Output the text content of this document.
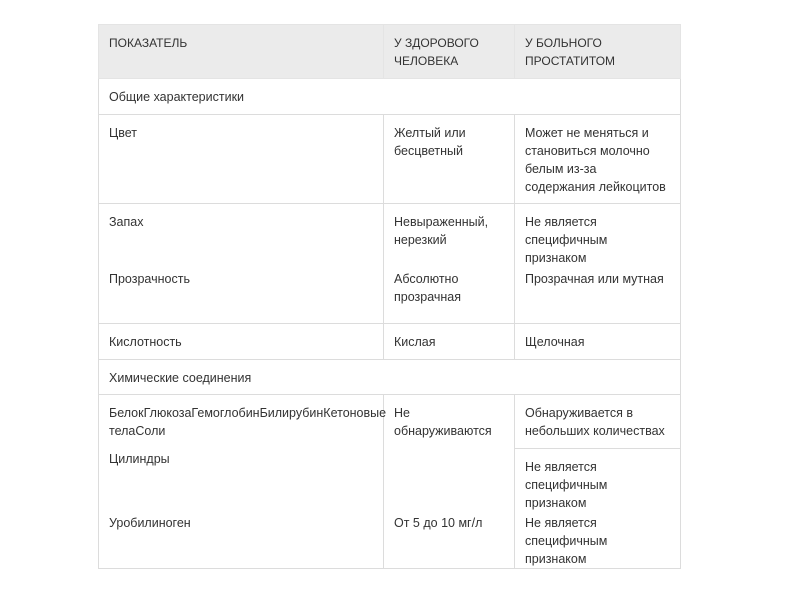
ПОКАЗАТЕЛЬ	У ЗДОРОВОГО ЧЕЛОВЕКА	У БОЛЬНОГО ПРОСТАТИТОМ
Общие характеристики		
Цвет	Желтый или бесцветный	Может не меняться и становиться молочно белым из-за содержания лейкоцитов
Запах	Невыраженный, нерезкий	Не является специфичным признаком
Прозрачность	Абсолютно прозрачная	Прозрачная или мутная
Кислотность	Кислая	Щелочная
Химические соединения		
БелокГлюкозаГемоглобинБилирубинКетоновые телаСоли	Не обнаруживаются	Обнаруживается в небольших количествах
Цилиндры		Не является специфичным признаком
Уробилиноген	От 5 до 10 мг/л	Не является специфичным признаком
